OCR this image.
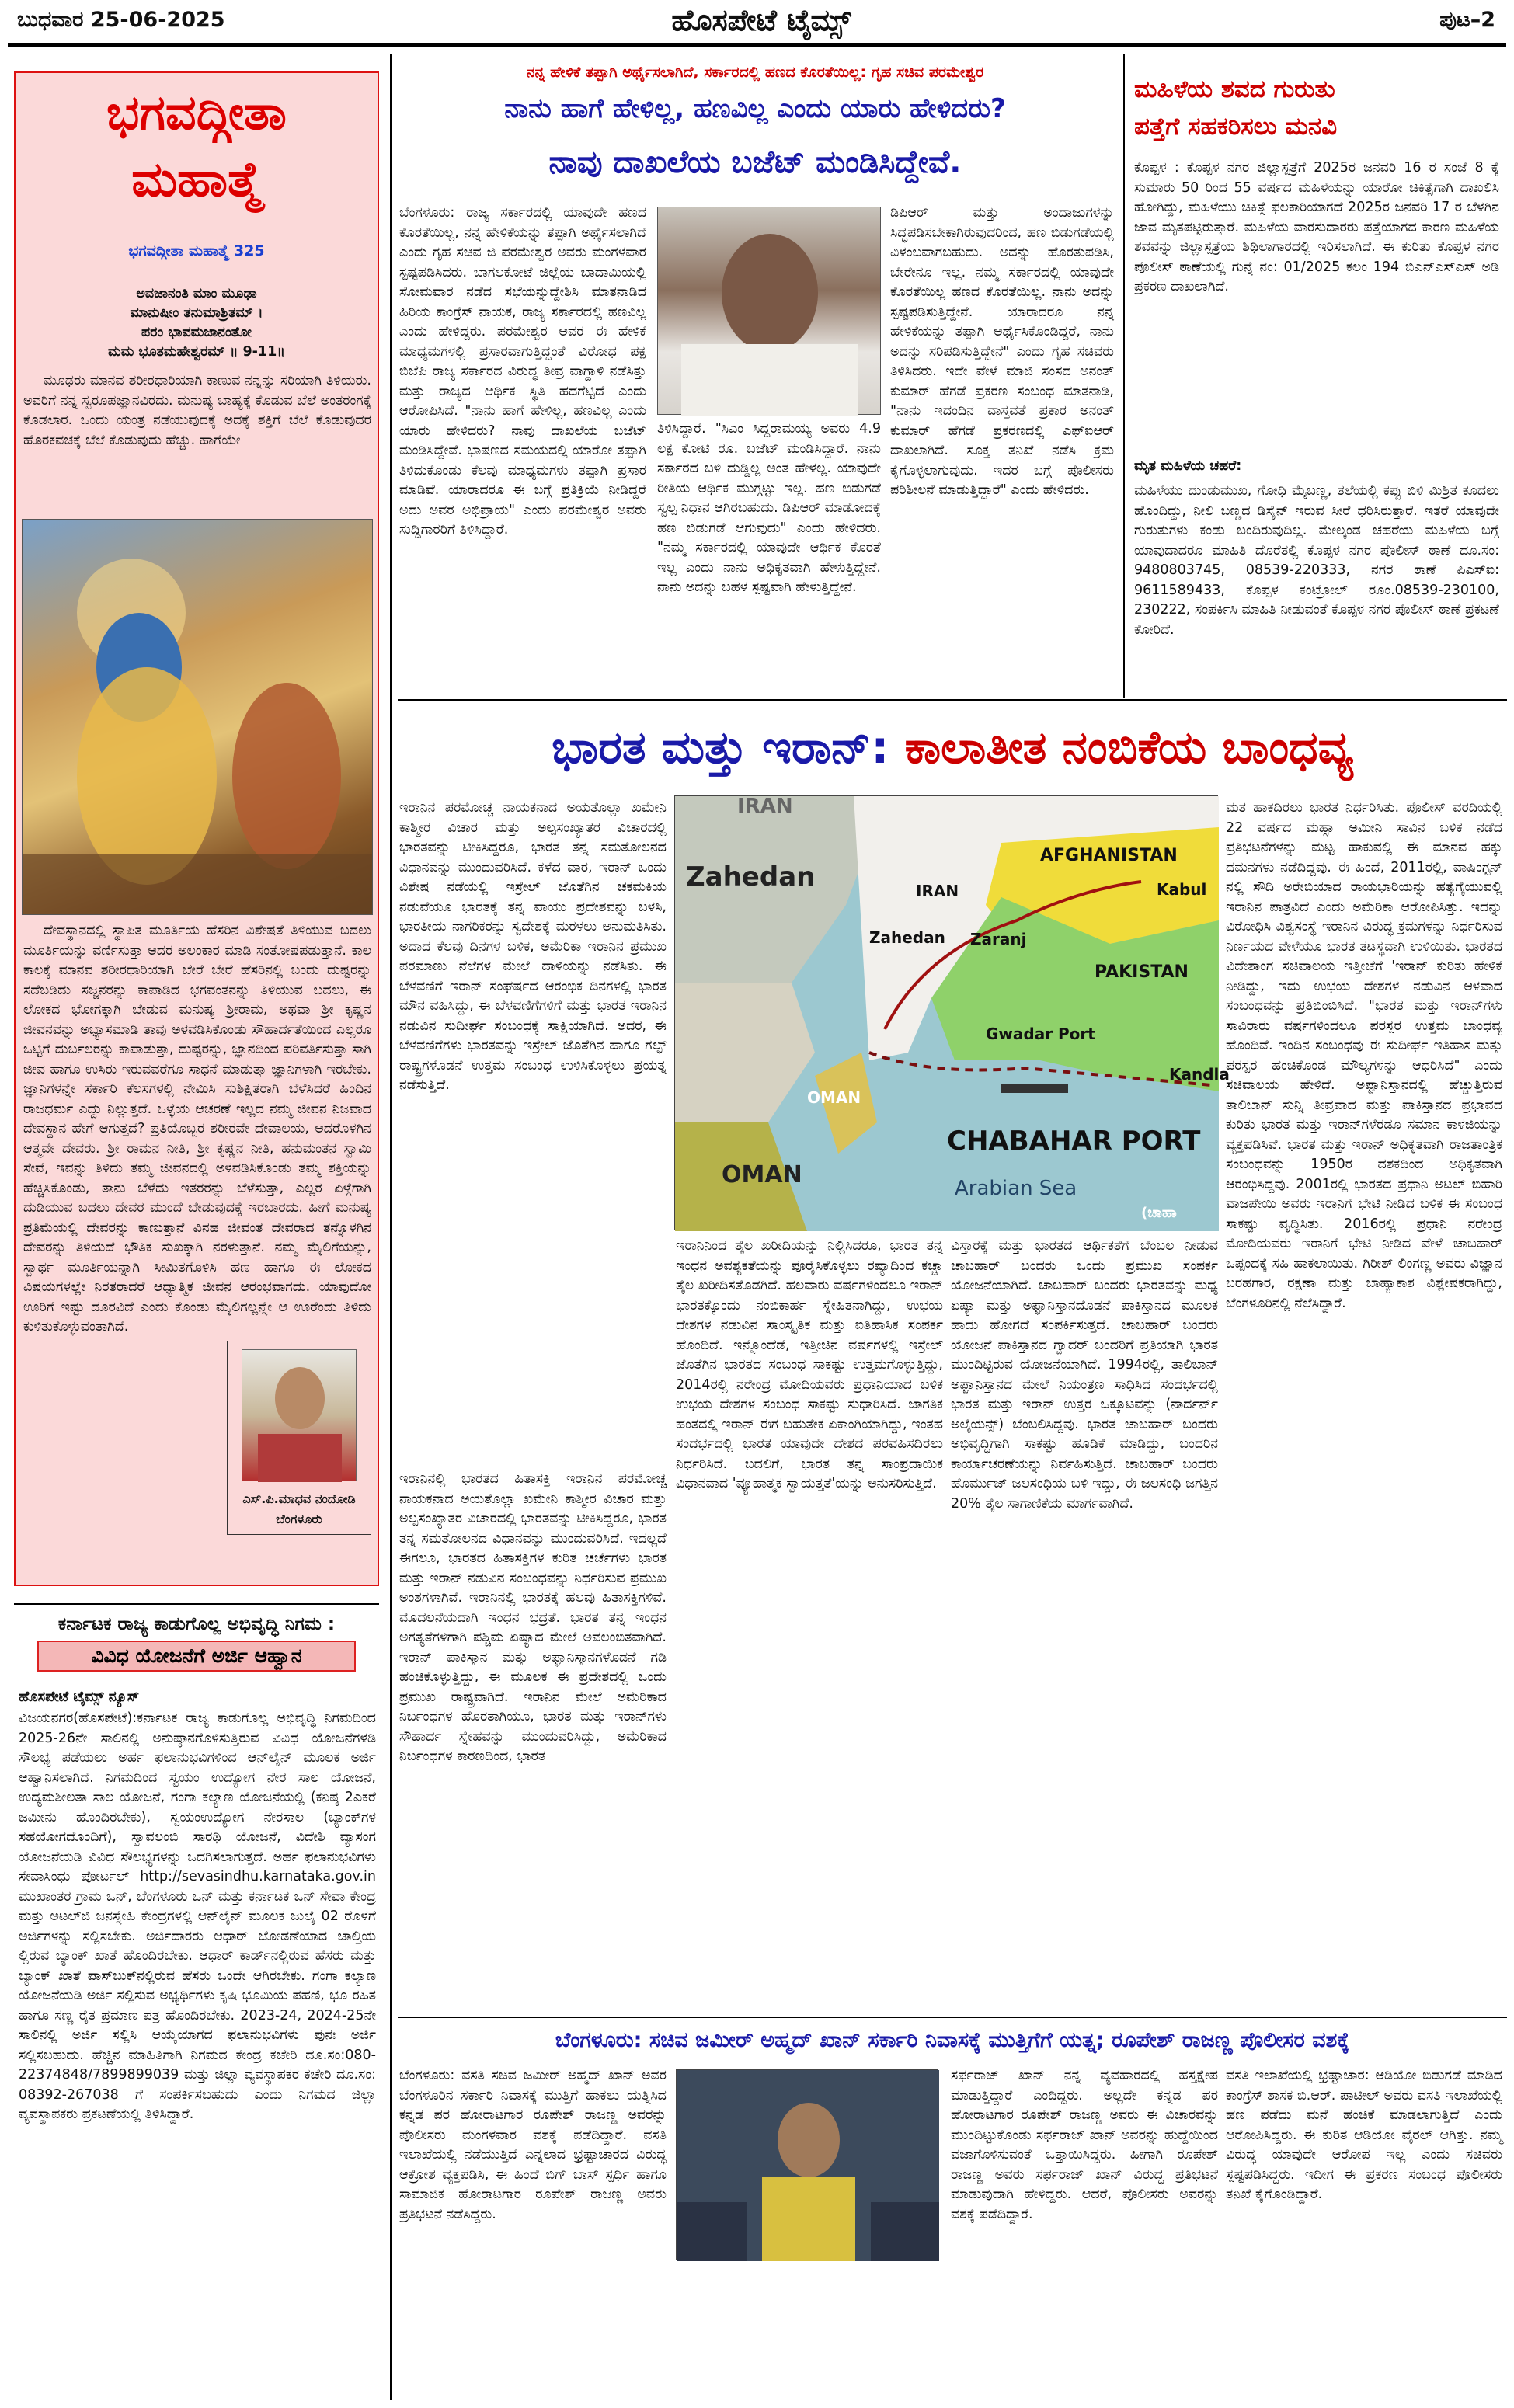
ಬುಧವಾರ 25-06-2025	ಹೊಸಪೇಟೆ ಟೈಮ್ಸ್	ಪುಟ–2
ಭಗವದ್ಗೀತಾ
ಮಹಾತ್ಮೆ
ಭಗವದ್ಗೀತಾ ಮಹಾತ್ಮೆ 325
ಅವಜಾನಂತಿ ಮಾಂ ಮೂಢಾ
ಮಾನುಷೀಂ ತನುಮಾಶ್ರಿತಮ್ ।
ಪರಂ ಭಾವಮಜಾನಂತೋ
ಮಮ ಭೂತಮಹೇಶ್ವರಮ್ ॥ 9-11॥
ಮೂಢರು ಮಾನವ ಶರೀರಧಾರಿಯಾಗಿ ಕಾಣುವ ನನ್ನನ್ನು ಸರಿಯಾಗಿ ತಿಳಿಯರು. ಅವರಿಗೆ ನನ್ನ ಸ್ವರೂಪಜ್ಞಾನವಿರದು. ಮನುಷ್ಯ ಬಾಹ್ಯಕ್ಕೆ ಕೊಡುವ ಬೆಲೆ ಅಂತರಂಗಕ್ಕೆ ಕೊಡಲಾರ. ಒಂದು ಯಂತ್ರ ನಡೆಯುವುದಕ್ಕೆ ಅದಕ್ಕೆ ಶಕ್ತಿಗೆ ಬೆಲೆ ಕೊಡುವುದರ ಹೊರಕವಚಕ್ಕೆ ಬೆಲೆ ಕೊಡುವುದು ಹೆಚ್ಚು. ಹಾಗೆಯೇ
ದೇವಸ್ಥಾನದಲ್ಲಿ ಸ್ಥಾಪಿತ ಮೂರ್ತಿಯ ಹೆಸರಿನ ವಿಶೇಷತೆ ತಿಳಿಯುವ ಬದಲು ಮೂರ್ತಿಯನ್ನು ವರ್ಣಿಸುತ್ತಾ ಅದರ ಅಲಂಕಾರ ಮಾಡಿ ಸಂತೋಷಪಡುತ್ತಾನೆ. ಕಾಲ ಕಾಲಕ್ಕೆ ಮಾನವ ಶರೀರಧಾರಿಯಾಗಿ ಬೇರೆ ಬೇರೆ ಹೆಸರಿನಲ್ಲಿ ಬಂದು ದುಷ್ಟರನ್ನು ಸದೆಬಡಿದು ಸಜ್ಜನರನ್ನು ಕಾಪಾಡಿದ ಭಗವಂತನನ್ನು ತಿಳಿಯುವ ಬದಲು, ಈ ಲೋಕದ ಭೋಗಕ್ಕಾಗಿ ಬೇಡುವ ಮನುಷ್ಯ ಶ್ರೀರಾಮ, ಅಥವಾ ಶ್ರೀ ಕೃಷ್ಣನ ಜೀವನವನ್ನು ಅಭ್ಯಾಸಮಾಡಿ ತಾವು ಅಳವಡಿಸಿಕೊಂಡು ಸೌಹಾರ್ದತೆಯಿಂದ ಎಲ್ಲರೂ ಒಟ್ಟಿಗೆ ದುರ್ಬಲರನ್ನು ಕಾಪಾಡುತ್ತಾ, ದುಷ್ಟರನ್ನು, ಜ್ಞಾನದಿಂದ ಪರಿವರ್ತಿಸುತ್ತಾ ಸಾಗಿ ಜೀವ ಹಾಗೂ ಉಸಿರು ಇರುವವರೆಗೂ ಸಾಧನೆ ಮಾಡುತ್ತಾ ಜ್ಞಾನಿಗಳಾಗಿ ಇರಬೇಕು. ಜ್ಞಾನಿಗಳನ್ನೇ ಸರ್ಕಾರಿ ಕೆಲಸಗಳಲ್ಲಿ ನೇಮಿಸಿ ಸುಶಿಕ್ಷಿತರಾಗಿ ಬೆಳೆಸಿದರೆ ಹಿಂದಿನ ರಾಜಧರ್ಮ ಎದ್ದು ನಿಲ್ಲುತ್ತದೆ. ಒಳ್ಳೆಯ ಆಚರಣೆ ಇಲ್ಲದ ನಮ್ಮ ಜೀವನ ನಿಜವಾದ ದೇವಸ್ಥಾನ ಹೇಗೆ ಆಗುತ್ತದೆ? ಪ್ರತಿಯೊಬ್ಬರ ಶರೀರವೇ ದೇವಾಲಯ, ಅದರೊಳಗಿನ ಆತ್ಮವೇ ದೇವರು. ಶ್ರೀ ರಾಮನ ನೀತಿ, ಶ್ರೀ ಕೃಷ್ಣನ ನೀತಿ, ಹನುಮಂತನ ಸ್ವಾಮಿ ಸೇವೆ, ಇವನ್ನು ತಿಳಿದು ತಮ್ಮ ಜೀವನದಲ್ಲಿ ಅಳವಡಿಸಿಕೊಂಡು ತಮ್ಮ ಶಕ್ತಿಯನ್ನು ಹೆಚ್ಚಿಸಿಕೊಂಡು, ತಾನು ಬೆಳೆದು ಇತರರನ್ನು ಬೆಳೆಸುತ್ತಾ, ಎಲ್ಲರ ಏಳ್ಗೆಗಾಗಿ ದುಡಿಯುವ ಬದಲು ದೇವರ ಮುಂದೆ ಬೇಡುವುದಕ್ಕೆ ಇರಬಾರದು. ಹೀಗೆ ಮನುಷ್ಯ ಪ್ರತಿಮೆಯಲ್ಲಿ ದೇವರನ್ನು ಕಾಣುತ್ತಾನೆ ವಿನಹ ಜೀವಂತ ದೇವರಾದ ತನ್ನೊಳಗಿನ ದೇವರನ್ನು ತಿಳಿಯದೆ ಭೌತಿಕ ಸುಖಕ್ಕಾಗಿ ನರಳುತ್ತಾನೆ. ನಮ್ಮ ಮೈಲಿಗೆಯನ್ನು, ಸ್ವಾರ್ಥ ಮೂರ್ತಿಯನ್ನಾಗಿ ಸೀಮಿತಗೊಳಿಸಿ ಹಣ ಹಾಗೂ ಈ ಲೋಕದ ವಿಷಯಗಳಲ್ಲೇ ನಿರತರಾದರೆ ಆಧ್ಯಾತ್ಮಿಕ ಜೀವನ ಆರಂಭವಾಗದು. ಯಾವುದೋ ಊರಿಗೆ ಇಷ್ಟು ದೂರವಿದೆ ಎಂದು ಕೊಂಡು ಮೈಲಿಗಲ್ಲನ್ನೇ ಆ ಊರೆಂದು ತಿಳಿದು ಕುಳಿತುಕೊಳ್ಳುವಂತಾಗಿದೆ.
ಎಸ್.ಪಿ.ಮಾಧವ ನಂದೋಡಿ
ಬೆಂಗಳೂರು
ಕರ್ನಾಟಕ ರಾಜ್ಯ ಕಾಡುಗೊಲ್ಲ ಅಭಿವೃದ್ಧಿ ನಿಗಮ :
ವಿವಿಧ ಯೋಜನೆಗೆ ಅರ್ಜಿ ಆಹ್ವಾನ
ಹೊಸಪೇಟೆ ಟೈಮ್ಸ್ ನ್ಯೂಸ್
ವಿಜಯನಗರ(ಹೊಸಪೇಟೆ):ಕರ್ನಾಟಕ ರಾಜ್ಯ ಕಾಡುಗೊಲ್ಲ ಅಭಿವೃದ್ಧಿ ನಿಗಮದಿಂದ 2025-26ನೇ ಸಾಲಿನಲ್ಲಿ ಅನುಷ್ಠಾನಗೊಳಿಸುತ್ತಿರುವ ವಿವಿಧ ಯೋಜನೆಗಳಡಿ ಸೌಲಭ್ಯ ಪಡೆಯಲು ಅರ್ಹ ಫಲಾನುಭವಿಗಳಿಂದ ಆನ್‌ಲೈನ್ ಮೂಲಕ ಅರ್ಜಿ ಆಹ್ವಾನಿಸಲಾಗಿದೆ. ನಿಗಮದಿಂದ ಸ್ವಯಂ ಉದ್ಯೋಗ ನೇರ ಸಾಲ ಯೋಜನೆ, ಉದ್ಯಮಶೀಲತಾ ಸಾಲ ಯೋಜನೆ, ಗಂಗಾ ಕಲ್ಯಾಣ ಯೋಜನೆಯಲ್ಲಿ (ಕನಿಷ್ಠ 2ಎಕರೆ ಜಮೀನು ಹೊಂದಿರಬೇಕು), ಸ್ವಯಂಉದ್ಯೋಗ ನೇರಸಾಲ (ಬ್ಯಾಂಕ್‌ಗಳ ಸಹಯೋಗದೊಂದಿಗೆ), ಸ್ವಾವಲಂಬಿ ಸಾರಥಿ ಯೋಜನೆ, ವಿದೇಶಿ ವ್ಯಾಸಂಗ ಯೋಜನೆಯಡಿ ವಿವಿಧ ಸೌಲಭ್ಯಗಳನ್ನು ಒದಗಿಸಲಾಗುತ್ತದೆ. ಅರ್ಹ ಫಲಾನುಭವಿಗಳು ಸೇವಾಸಿಂಧು ಪೋರ್ಟಲ್ http://sevasindhu.karnataka.gov.in ಮುಖಾಂತರ ಗ್ರಾಮ ಒನ್, ಬೆಂಗಳೂರು ಒನ್ ಮತ್ತು ಕರ್ನಾಟಕ ಒನ್ ಸೇವಾ ಕೇಂದ್ರ ಮತ್ತು ಅಟಲ್‌ಜಿ ಜನಸ್ನೇಹಿ ಕೇಂದ್ರಗಳಲ್ಲಿ ಆನ್‌ಲೈನ್ ಮೂಲಕ ಜುಲೈ 02 ರೊಳಗೆ ಅರ್ಜಿಗಳನ್ನು ಸಲ್ಲಿಸಬೇಕು. ಅರ್ಜಿದಾರರು ಆಧಾರ್ ಜೋಡಣೆಯಾದ ಚಾಲ್ತಿಯ ಲ್ಲಿರುವ ಬ್ಯಾಂಕ್ ಖಾತೆ ಹೊಂದಿರಬೇಕು. ಆಧಾರ್ ಕಾರ್ಡ್‌ನಲ್ಲಿರುವ ಹೆಸರು ಮತ್ತು ಬ್ಯಾಂಕ್ ಖಾತೆ ಪಾಸ್‌ಬುಕ್‌ನಲ್ಲಿರುವ ಹೆಸರು ಒಂದೇ ಆಗಿರಬೇಕು. ಗಂಗಾ ಕಲ್ಯಾಣ ಯೋಜನೆಯಡಿ ಅರ್ಜಿ ಸಲ್ಲಿಸುವ ಅಭ್ಯರ್ಥಿಗಳು ಕೃಷಿ ಭೂಮಿಯ ಪಹಣಿ, ಭೂ ರಹಿತ ಹಾಗೂ ಸಣ್ಣ ರೈತ ಪ್ರಮಾಣ ಪತ್ರ ಹೊಂದಿರಬೇಕು. 2023-24, 2024-25ನೇ ಸಾಲಿನಲ್ಲಿ ಅರ್ಜಿ ಸಲ್ಲಿಸಿ ಆಯ್ಕೆಯಾಗದ ಫಲಾನುಭವಿಗಳು ಪುನಃ ಅರ್ಜಿ ಸಲ್ಲಿಸಬಹುದು. ಹೆಚ್ಚಿನ ಮಾಹಿತಿಗಾಗಿ ನಿಗಮದ ಕೇಂದ್ರ ಕಚೇರಿ ದೂ.ಸಂ:080-22374848/7899899039 ಮತ್ತು ಜಿಲ್ಲಾ ವ್ಯವಸ್ಥಾಪಕರ ಕಚೇರಿ ದೂ.ಸಂ: 08392-267038 ಗೆ ಸಂಪರ್ಕಿಸಬಹುದು ಎಂದು ನಿಗಮದ ಜಿಲ್ಲಾ ವ್ಯವಸ್ಥಾಪಕರು ಪ್ರಕಟಣೆಯಲ್ಲಿ ತಿಳಿಸಿದ್ದಾರೆ.
ನನ್ನ ಹೇಳಿಕೆ ತಪ್ಪಾಗಿ ಅರ್ಥೈಸಲಾಗಿದೆ, ಸರ್ಕಾರದಲ್ಲಿ ಹಣದ ಕೊರತೆಯಿಲ್ಲ: ಗೃಹ ಸಚಿವ ಪರಮೇಶ್ವರ
ನಾನು ಹಾಗೆ ಹೇಳಿಲ್ಲ, ಹಣವಿಲ್ಲ ಎಂದು ಯಾರು ಹೇಳಿದರು?
ನಾವು ದಾಖಲೆಯ ಬಜೆಟ್ ಮಂಡಿಸಿದ್ದೇವೆ.
ಬೆಂಗಳೂರು: ರಾಜ್ಯ ಸರ್ಕಾರದಲ್ಲಿ ಯಾವುದೇ ಹಣದ ಕೊರತೆಯಿಲ್ಲ, ನನ್ನ ಹೇಳಿಕೆಯನ್ನು ತಪ್ಪಾಗಿ ಅರ್ಥೈಸಲಾಗಿದೆ ಎಂದು ಗೃಹ ಸಚಿವ ಜಿ ಪರಮೇಶ್ವರ ಅವರು ಮಂಗಳವಾರ ಸ್ಪಷ್ಟಪಡಿಸಿದರು. ಬಾಗಲಕೋಟೆ ಜಿಲ್ಲೆಯ ಬಾದಾಮಿಯಲ್ಲಿ ಸೋಮವಾರ ನಡೆದ ಸಭೆಯನ್ನುದ್ದೇಶಿಸಿ ಮಾತನಾಡಿದ ಹಿರಿಯ ಕಾಂಗ್ರೆಸ್ ನಾಯಕ, ರಾಜ್ಯ ಸರ್ಕಾರದಲ್ಲಿ ಹಣವಿಲ್ಲ ಎಂದು ಹೇಳಿದ್ದರು. ಪರಮೇಶ್ವರ ಅವರ ಈ ಹೇಳಿಕೆ ಮಾಧ್ಯಮಗಳಲ್ಲಿ ಪ್ರಸಾರವಾಗುತ್ತಿದ್ದಂತೆ ವಿರೋಧ ಪಕ್ಷ ಬಿಜೆಪಿ ರಾಜ್ಯ ಸರ್ಕಾರದ ವಿರುದ್ಧ ತೀವ್ರ ವಾಗ್ದಾಳಿ ನಡೆಸಿತ್ತು ಮತ್ತು ರಾಜ್ಯದ ಆರ್ಥಿಕ ಸ್ಥಿತಿ ಹದಗೆಟ್ಟಿದೆ ಎಂದು ಆರೋಪಿಸಿದೆ. "ನಾನು ಹಾಗೆ ಹೇಳಿಲ್ಲ, ಹಣವಿಲ್ಲ ಎಂದು ಯಾರು ಹೇಳಿದರು? ನಾವು ದಾಖಲೆಯ ಬಜೆಟ್ ಮಂಡಿಸಿದ್ದೇವೆ. ಭಾಷಣದ ಸಮಯದಲ್ಲಿ ಯಾರೋ ತಪ್ಪಾಗಿ ತಿಳಿದುಕೊಂಡು ಕೆಲವು ಮಾಧ್ಯಮಗಳು ತಪ್ಪಾಗಿ ಪ್ರಸಾರ ಮಾಡಿವೆ. ಯಾರಾದರೂ ಈ ಬಗ್ಗೆ ಪ್ರತಿಕ್ರಿಯೆ ನೀಡಿದ್ದರೆ ಅದು ಅವರ ಅಭಿಪ್ರಾಯ" ಎಂದು ಪರಮೇಶ್ವರ ಅವರು ಸುದ್ದಿಗಾರರಿಗೆ ತಿಳಿಸಿದ್ದಾರೆ.
ತಿಳಿಸಿದ್ದಾರೆ. "ಸಿಎಂ ಸಿದ್ದರಾಮಯ್ಯ ಅವರು 4.9 ಲಕ್ಷ ಕೋಟಿ ರೂ. ಬಜೆಟ್ ಮಂಡಿಸಿದ್ದಾರೆ. ನಾನು ಸರ್ಕಾರದ ಬಳಿ ದುಡ್ಡಿಲ್ಲ ಅಂತ ಹೇಳಲ್ಲ. ಯಾವುದೇ ರೀತಿಯ ಆರ್ಥಿಕ ಮುಗ್ಗಟ್ಟು ಇಲ್ಲ. ಹಣ ಬಿಡುಗಡೆ ಸ್ವಲ್ಪ ನಿಧಾನ ಆಗಿರಬಹುದು. ಡಿಪಿಆರ್ ಮಾಡೋದಕ್ಕೆ ಹಣ ಬಿಡುಗಡೆ ಆಗುವುದು" ಎಂದು ಹೇಳಿದರು. "ನಮ್ಮ ಸರ್ಕಾರದಲ್ಲಿ ಯಾವುದೇ ಆರ್ಥಿಕ ಕೊರತೆ ಇಲ್ಲ ಎಂದು ನಾನು ಅಧಿಕೃತವಾಗಿ ಹೇಳುತ್ತಿದ್ದೇನೆ. ನಾನು ಅದನ್ನು ಬಹಳ ಸ್ಪಷ್ಟವಾಗಿ ಹೇಳುತ್ತಿದ್ದೇನೆ.
ಡಿಪಿಆರ್ ಮತ್ತು ಅಂದಾಜುಗಳನ್ನು ಸಿದ್ಧಪಡಿಸಬೇಕಾಗಿರುವುದರಿಂದ, ಹಣ ಬಿಡುಗಡೆಯಲ್ಲಿ ವಿಳಂಬವಾಗಬಹುದು. ಅದನ್ನು ಹೊರತುಪಡಿಸಿ, ಬೇರೇನೂ ಇಲ್ಲ. ನಮ್ಮ ಸರ್ಕಾರದಲ್ಲಿ ಯಾವುದೇ ಕೊರತೆಯಿಲ್ಲ ಹಣದ ಕೊರತೆಯಿಲ್ಲ. ನಾನು ಅದನ್ನು ಸ್ಪಷ್ಟಪಡಿಸುತ್ತಿದ್ದೇನೆ. ಯಾರಾದರೂ ನನ್ನ ಹೇಳಿಕೆಯನ್ನು ತಪ್ಪಾಗಿ ಅರ್ಥೈಸಿಕೊಂಡಿದ್ದರೆ, ನಾನು ಅದನ್ನು ಸರಿಪಡಿಸುತ್ತಿದ್ದೇನೆ" ಎಂದು ಗೃಹ ಸಚಿವರು ತಿಳಿಸಿದರು. ಇದೇ ವೇಳೆ ಮಾಜಿ ಸಂಸದ ಅನಂತ್ ಕುಮಾರ್ ಹೆಗಡೆ ಪ್ರಕರಣ ಸಂಬಂಧ ಮಾತನಾಡಿ, "ನಾನು ಇದಂದಿನ ವಾಸ್ತವತೆ ಪ್ರಕಾರ ಅನಂತ್ ಕುಮಾರ್ ಹೆಗಡೆ ಪ್ರಕರಣದಲ್ಲಿ ಎಫ್‌ಐಆರ್ ದಾಖಲಾಗಿದೆ. ಸೂಕ್ತ ತನಿಖೆ ನಡೆಸಿ ಕ್ರಮ ಕೈಗೊಳ್ಳಲಾಗುವುದು. ಇದರ ಬಗ್ಗೆ ಪೊಲೀಸರು ಪರಿಶೀಲನೆ ಮಾಡುತ್ತಿದ್ದಾರೆ" ಎಂದು ಹೇಳಿದರು.
ಮಹಿಳೆಯ ಶವದ ಗುರುತು
ಪತ್ತೆಗೆ ಸಹಕರಿಸಲು ಮನವಿ
ಕೊಪ್ಪಳ : ಕೊಪ್ಪಳ ನಗರ ಜಿಲ್ಲಾಸ್ಪತ್ರೆಗೆ 2025ರ ಜನವರಿ 16 ರ ಸಂಜೆ 8 ಕ್ಕೆ ಸುಮಾರು 50 ರಿಂದ 55 ವರ್ಷದ ಮಹಿಳೆಯನ್ನು ಯಾರೋ ಚಿಕಿತ್ಸೆಗಾಗಿ ದಾಖಲಿಸಿ ಹೋಗಿದ್ದು, ಮಹಿಳೆಯು ಚಿಕಿತ್ಸೆ ಫಲಕಾರಿಯಾಗದೆ 2025ರ ಜನವರಿ 17 ರ ಬೆಳಗಿನ ಜಾವ ಮೃತಪಟ್ಟಿರುತ್ತಾರೆ. ಮಹಿಳೆಯ ವಾರಸುದಾರರು ಪತ್ತೆಯಾಗದ ಕಾರಣ ಮಹಿಳೆಯ ಶವವನ್ನು ಜಿಲ್ಲಾಸ್ಪತ್ರೆಯ ಶಿಥಿಲಾಗಾರದಲ್ಲಿ ಇರಿಸಲಾಗಿದೆ. ಈ ಕುರಿತು ಕೊಪ್ಪಳ ನಗರ ಪೊಲೀಸ್ ಠಾಣೆಯಲ್ಲಿ ಗುನ್ನೆ ನಂ: 01/2025 ಕಲಂ 194 ಬಿಎನ್‌ಎಸ್‌ಎಸ್ ಅಡಿ ಪ್ರಕರಣ ದಾಖಲಾಗಿದೆ.
ಮೃತ ಮಹಿಳೆಯ ಚಹರೆ:
ಮಹಿಳೆಯು ದುಂಡುಮುಖ, ಗೋಧಿ ಮೈಬಣ್ಣ, ತಲೆಯಲ್ಲಿ ಕಪ್ಪು ಬಿಳಿ ಮಿಶ್ರಿತ ಕೂದಲು ಹೊಂದಿದ್ದು, ನೀಲಿ ಬಣ್ಣದ ಡಿಸೈನ್ ಇರುವ ಸೀರೆ ಧರಿಸಿರುತ್ತಾರೆ. ಇತರೆ ಯಾವುದೇ ಗುರುತುಗಳು ಕಂಡು ಬಂದಿರುವುದಿಲ್ಲ. ಮೇಲ್ಕಂಡ ಚಹರೆಯ ಮಹಿಳೆಯ ಬಗ್ಗೆ ಯಾವುದಾದರೂ ಮಾಹಿತಿ ದೊರೆತಲ್ಲಿ ಕೊಪ್ಪಳ ನಗರ ಪೊಲೀಸ್ ಠಾಣೆ ದೂ.ಸಂ: 9480803745, 08539-220333, ನಗರ ಠಾಣೆ ಪಿಎಸ್‌ಐ: 9611589433, ಕೊಪ್ಪಳ ಕಂಟ್ರೋಲ್ ರೂಂ.08539-230100, 230222, ಸಂಪರ್ಕಿಸಿ ಮಾಹಿತಿ ನೀಡುವಂತೆ ಕೊಪ್ಪಳ ನಗರ ಪೊಲೀಸ್ ಠಾಣೆ ಪ್ರಕಟಣೆ ಕೋರಿದೆ.
ಭಾರತ ಮತ್ತು ಇರಾನ್: ಕಾಲಾತೀತ ನಂಬಿಕೆಯ ಬಾಂಧವ್ಯ
IRAN
Zahedan
OMAN
AFGHANISTAN
Kabul
IRAN
Zahedan Zaranj
PAKISTAN
Gwadar Port
OMAN
Kandla
CHABAHAR PORT
Arabian Sea
(ಚಾಹಾ
ಇರಾನಿನ ಪರಮೋಚ್ಚ ನಾಯಕನಾದ ಅಯತೊಲ್ಲಾ ಖಮೇನಿ ಕಾಶ್ಮೀರ ವಿಚಾರ ಮತ್ತು ಅಲ್ಪಸಂಖ್ಯಾತರ ವಿಚಾರದಲ್ಲಿ ಭಾರತವನ್ನು ಟೀಕಿಸಿದ್ದರೂ, ಭಾರತ ತನ್ನ ಸಮತೋಲನದ ವಿಧಾನವನ್ನು ಮುಂದುವರಿಸಿದೆ. ಕಳೆದ ವಾರ, ಇರಾನ್ ಒಂದು ವಿಶೇಷ ನಡೆಯಲ್ಲಿ ಇಸ್ರೇಲ್ ಜೊತೆಗಿನ ಚಕಮಕಿಯ ನಡುವೆಯೂ ಭಾರತಕ್ಕೆ ತನ್ನ ವಾಯು ಪ್ರದೇಶವನ್ನು ಬಳಸಿ, ಭಾರತೀಯ ನಾಗರಿಕರನ್ನು ಸ್ವದೇಶಕ್ಕೆ ಮರಳಲು ಅನುಮತಿಸಿತು. ಅದಾದ ಕೆಲವು ದಿನಗಳ ಬಳಿಕ, ಅಮೆರಿಕಾ ಇರಾನಿನ ಪ್ರಮುಖ ಪರಮಾಣು ನೆಲೆಗಳ ಮೇಲೆ ದಾಳಿಯನ್ನು ನಡೆಸಿತು. ಈ ಬೆಳವಣಿಗೆ ಇರಾನ್ ಸಂಘರ್ಷದ ಆರಂಭಿಕ ದಿನಗಳಲ್ಲಿ ಭಾರತ ಮೌನ ವಹಿಸಿದ್ದು, ಈ ಬೆಳವಣಿಗೆಗಳಿಗೆ ಮತ್ತು ಭಾರತ ಇರಾನಿನ ನಡುವಿನ ಸುದೀರ್ಘ ಸಂಬಂಧಕ್ಕೆ ಸಾಕ್ಷಿಯಾಗಿದೆ. ಅದರ, ಈ ಬೆಳವಣಿಗೆಗಳು ಭಾರತವನ್ನು ಇಸ್ರೇಲ್ ಜೊತೆಗಿನ ಹಾಗೂ ಗಲ್ಫ್ ರಾಷ್ಟ್ರಗಳೊಡನೆ ಉತ್ತಮ ಸಂಬಂಧ ಉಳಿಸಿಕೊಳ್ಳಲು ಪ್ರಯತ್ನ ನಡೆಸುತ್ತಿದೆ.
ಇರಾನಿನಲ್ಲಿ ಭಾರತದ ಹಿತಾಸಕ್ತಿ ಇರಾನಿನ ಪರಮೋಚ್ಚ ನಾಯಕನಾದ ಅಯತೊಲ್ಲಾ ಖಮೇನಿ ಕಾಶ್ಮೀರ ವಿಚಾರ ಮತ್ತು ಅಲ್ಪಸಂಖ್ಯಾತರ ವಿಚಾರದಲ್ಲಿ ಭಾರತವನ್ನು ಟೀಕಿಸಿದ್ದರೂ, ಭಾರತ ತನ್ನ ಸಮತೋಲನದ ವಿಧಾನವನ್ನು ಮುಂದುವರಿಸಿದೆ. ಇದಲ್ಲದೆ ಈಗಲೂ, ಭಾರತದ ಹಿತಾಸಕ್ತಿಗಳ ಕುರಿತ ಚರ್ಚೆಗಳು ಭಾರತ ಮತ್ತು ಇರಾನ್ ನಡುವಿನ ಸಂಬಂಧವನ್ನು ನಿರ್ಧರಿಸುವ ಪ್ರಮುಖ ಅಂಶಗಳಾಗಿವೆ. ಇರಾನಿನಲ್ಲಿ ಭಾರತಕ್ಕೆ ಹಲವು ಹಿತಾಸಕ್ತಿಗಳಿವೆ. ಮೊದಲನೆಯದಾಗಿ ಇಂಧನ ಭದ್ರತೆ. ಭಾರತ ತನ್ನ ಇಂಧನ ಅಗತ್ಯತೆಗಳಿಗಾಗಿ ಪಶ್ಚಿಮ ಏಷ್ಯಾದ ಮೇಲೆ ಅವಲಂಬಿತವಾಗಿದೆ. ಇರಾನ್ ಪಾಕಿಸ್ತಾನ ಮತ್ತು ಅಫ್ಘಾನಿಸ್ತಾನಗಳೊಡನೆ ಗಡಿ ಹಂಚಿಕೊಳ್ಳುತ್ತಿದ್ದು, ಈ ಮೂಲಕ ಈ ಪ್ರದೇಶದಲ್ಲಿ ಒಂದು ಪ್ರಮುಖ ರಾಷ್ಟ್ರವಾಗಿದೆ. ಇರಾನಿನ ಮೇಲೆ ಅಮೆರಿಕಾದ ನಿರ್ಬಂಧಗಳ ಹೊರತಾಗಿಯೂ, ಭಾರತ ಮತ್ತು ಇರಾನ್‌ಗಳು ಸೌಹಾರ್ದ ಸ್ನೇಹವನ್ನು ಮುಂದುವರಿಸಿದ್ದು, ಅಮೆರಿಕಾದ ನಿರ್ಬಂಧಗಳ ಕಾರಣದಿಂದ, ಭಾರತ
ಇರಾನಿನಿಂದ ತೈಲ ಖರೀದಿಯನ್ನು ನಿಲ್ಲಿಸಿದರೂ, ಭಾರತ ತನ್ನ ಇಂಧನ ಅವಶ್ಯಕತೆಯನ್ನು ಪೂರೈಸಿಕೊಳ್ಳಲು ರಷ್ಯಾದಿಂದ ಕಚ್ಚಾ ತೈಲ ಖರೀದಿಸತೊಡಗಿದೆ. ಹಲವಾರು ವರ್ಷಗಳಿಂದಲೂ ಇರಾನ್ ಭಾರತಕ್ಕೊಂದು ನಂಬಿಕಾರ್ಹ ಸ್ನೇಹಿತನಾಗಿದ್ದು, ಉಭಯ ದೇಶಗಳ ನಡುವಿನ ಸಾಂಸ್ಕೃತಿಕ ಮತ್ತು ಐತಿಹಾಸಿಕ ಸಂಪರ್ಕ ಹೊಂದಿದೆ. ಇನ್ನೊಂದೆಡೆ, ಇತ್ತೀಚಿನ ವರ್ಷಗಳಲ್ಲಿ ಇಸ್ರೇಲ್ ಜೊತೆಗಿನ ಭಾರತದ ಸಂಬಂಧ ಸಾಕಷ್ಟು ಉತ್ತಮಗೊಳ್ಳುತ್ತಿದ್ದು, 2014ರಲ್ಲಿ ನರೇಂದ್ರ ಮೋದಿಯವರು ಪ್ರಧಾನಿಯಾದ ಬಳಿಕ ಉಭಯ ದೇಶಗಳ ಸಂಬಂಧ ಸಾಕಷ್ಟು ಸುಧಾರಿಸಿದೆ. ಜಾಗತಿಕ ಹಂತದಲ್ಲಿ ಇರಾನ್ ಈಗ ಬಹುತೇಕ ಏಕಾಂಗಿಯಾಗಿದ್ದು, ಇಂತಹ ಸಂದರ್ಭದಲ್ಲಿ ಭಾರತ ಯಾವುದೇ ದೇಶದ ಪರವಹಿಸದಿರಲು ನಿರ್ಧರಿಸಿದೆ. ಬದಲಿಗೆ, ಭಾರತ ತನ್ನ ಸಾಂಪ್ರದಾಯಿಕ ವಿಧಾನವಾದ 'ವ್ಯೂಹಾತ್ಮಕ ಸ್ವಾಯತ್ತತೆ'ಯನ್ನು ಅನುಸರಿಸುತ್ತಿದೆ.
ವಿಸ್ತಾರಕ್ಕೆ ಮತ್ತು ಭಾರತದ ಆರ್ಥಿಕತೆಗೆ ಬೆಂಬಲ ನೀಡುವ ಚಾಬಹಾರ್ ಬಂದರು ಒಂದು ಪ್ರಮುಖ ಸಂಪರ್ಕ ಯೋಜನೆಯಾಗಿದೆ. ಚಾಬಹಾರ್ ಬಂದರು ಭಾರತವನ್ನು ಮಧ್ಯ ಏಷ್ಯಾ ಮತ್ತು ಅಫ್ಘಾನಿಸ್ತಾನದೊಡನೆ ಪಾಕಿಸ್ತಾನದ ಮೂಲಕ ಹಾದು ಹೋಗದೆ ಸಂಪರ್ಕಿಸುತ್ತದೆ. ಚಾಬಹಾರ್ ಬಂದರು ಯೋಜನೆ ಪಾಕಿಸ್ತಾನದ ಗ್ವಾದರ್ ಬಂದರಿಗೆ ಪ್ರತಿಯಾಗಿ ಭಾರತ ಮುಂದಿಟ್ಟಿರುವ ಯೋಜನೆಯಾಗಿದೆ. 1994ರಲ್ಲಿ, ತಾಲಿಬಾನ್ ಅಫ್ಘಾನಿಸ್ತಾನದ ಮೇಲೆ ನಿಯಂತ್ರಣ ಸಾಧಿಸಿದ ಸಂದರ್ಭದಲ್ಲಿ ಭಾರತ ಮತ್ತು ಇರಾನ್ ಉತ್ತರ ಒಕ್ಕೂಟವನ್ನು (ನಾರ್ದರ್ನ್ ಅಲೈಯನ್ಸ್) ಬೆಂಬಲಿಸಿದ್ದವು. ಭಾರತ ಚಾಬಹಾರ್ ಬಂದರು ಅಭಿವೃದ್ಧಿಗಾಗಿ ಸಾಕಷ್ಟು ಹೂಡಿಕೆ ಮಾಡಿದ್ದು, ಬಂದರಿನ ಕಾರ್ಯಾಚರಣೆಯನ್ನು ನಿರ್ವಹಿಸುತ್ತಿದೆ. ಚಾಬಹಾರ್ ಬಂದರು ಹೊರ್ಮುಜ್ ಜಲಸಂಧಿಯ ಬಳಿ ಇದ್ದು, ಈ ಜಲಸಂಧಿ ಜಗತ್ತಿನ 20% ತೈಲ ಸಾಗಾಣಿಕೆಯ ಮಾರ್ಗವಾಗಿದೆ.
ಮತ ಹಾಕದಿರಲು ಭಾರತ ನಿರ್ಧರಿಸಿತು. ಪೊಲೀಸ್ ವರದಿಯಲ್ಲಿ 22 ವರ್ಷದ ಮಹ್ಸಾ ಅಮೀನಿ ಸಾವಿನ ಬಳಿಕ ನಡೆದ ಪ್ರತಿಭಟನೆಗಳನ್ನು ಮಟ್ಟ ಹಾಕುವಲ್ಲಿ ಈ ಮಾನವ ಹಕ್ಕು ದಮನಗಳು ನಡೆದಿದ್ದವು. ಈ ಹಿಂದೆ, 2011ರಲ್ಲಿ, ವಾಷಿಂಗ್ಟನ್ ನಲ್ಲಿ ಸೌದಿ ಅರೇಬಿಯಾದ ರಾಯಭಾರಿಯನ್ನು ಹತ್ಯೆಗೈಯುವಲ್ಲಿ ಇರಾನಿನ ಪಾತ್ರವಿದೆ ಎಂದು ಅಮೆರಿಕಾ ಆರೋಪಿಸಿತ್ತು. ಇದನ್ನು ವಿರೋಧಿಸಿ ವಿಶ್ವಸಂಸ್ಥೆ ಇರಾನಿನ ವಿರುದ್ಧ ಕ್ರಮಗಳನ್ನು ನಿರ್ಧರಿಸುವ ನಿರ್ಣಯದ ವೇಳೆಯೂ ಭಾರತ ತಟಸ್ಥವಾಗಿ ಉಳಿಯಿತು. ಭಾರತದ ವಿದೇಶಾಂಗ ಸಚಿವಾಲಯ ಇತ್ತೀಚೆಗೆ 'ಇರಾನ್ ಕುರಿತು ಹೇಳಿಕೆ ನೀಡಿದ್ದು, ಇದು ಉಭಯ ದೇಶಗಳ ನಡುವಿನ ಆಳವಾದ ಸಂಬಂಧವನ್ನು ಪ್ರತಿಬಿಂಬಿಸಿದೆ. "ಭಾರತ ಮತ್ತು ಇರಾನ್‌ಗಳು ಸಾವಿರಾರು ವರ್ಷಗಳಿಂದಲೂ ಪರಸ್ಪರ ಉತ್ತಮ ಬಾಂಧವ್ಯ ಹೊಂದಿವೆ. ಇಂದಿನ ಸಂಬಂಧವು ಈ ಸುದೀರ್ಘ ಇತಿಹಾಸ ಮತ್ತು ಪರಸ್ಪರ ಹಂಚಿಕೊಂಡ ಮೌಲ್ಯಗಳನ್ನು ಆಧರಿಸಿದೆ" ಎಂದು ಸಚಿವಾಲಯ ಹೇಳಿದೆ. ಅಫ್ಘಾನಿಸ್ತಾನದಲ್ಲಿ ಹೆಚ್ಚುತ್ತಿರುವ ತಾಲಿಬಾನ್ ಸುನ್ನಿ ತೀವ್ರವಾದ ಮತ್ತು ಪಾಕಿಸ್ತಾನದ ಪ್ರಭಾವದ ಕುರಿತು ಭಾರತ ಮತ್ತು ಇರಾನ್‌ಗಳೆರಡೂ ಸಮಾನ ಕಾಳಜಿಯನ್ನು ವ್ಯಕ್ತಪಡಿಸಿವೆ. ಭಾರತ ಮತ್ತು ಇರಾನ್ ಅಧಿಕೃತವಾಗಿ ರಾಜತಾಂತ್ರಿಕ ಸಂಬಂಧವನ್ನು 1950ರ ದಶಕದಿಂದ ಅಧಿಕೃತವಾಗಿ ಆರಂಭಿಸಿದ್ದವು. 2001ರಲ್ಲಿ ಭಾರತದ ಪ್ರಧಾನಿ ಅಟಲ್ ಬಿಹಾರಿ ವಾಜಪೇಯಿ ಅವರು ಇರಾನಿಗೆ ಭೇಟಿ ನೀಡಿದ ಬಳಿಕ ಈ ಸಂಬಂಧ ಸಾಕಷ್ಟು ವೃದ್ಧಿಸಿತು. 2016ರಲ್ಲಿ ಪ್ರಧಾನಿ ನರೇಂದ್ರ ಮೋದಿಯವರು ಇರಾನಿಗೆ ಭೇಟಿ ನೀಡಿದ ವೇಳೆ ಚಾಬಹಾರ್ ಒಪ್ಪಂದಕ್ಕೆ ಸಹಿ ಹಾಕಲಾಯಿತು. ಗಿರೀಶ್ ಲಿಂಗಣ್ಣ ಅವರು ವಿಜ್ಞಾನ ಬರಹಗಾರ, ರಕ್ಷಣಾ ಮತ್ತು ಬಾಹ್ಯಾಕಾಶ ವಿಶ್ಲೇಷಕರಾಗಿದ್ದು, ಬೆಂಗಳೂರಿನಲ್ಲಿ ನೆಲೆಸಿದ್ದಾರೆ.
ಬೆಂಗಳೂರು: ಸಚಿವ ಜಮೀರ್ ಅಹ್ಮದ್ ಖಾನ್ ಸರ್ಕಾರಿ ನಿವಾಸಕ್ಕೆ ಮುತ್ತಿಗೆಗೆ ಯತ್ನ; ರೂಪೇಶ್ ರಾಜಣ್ಣ ಪೊಲೀಸರ ವಶಕ್ಕೆ
ಬೆಂಗಳೂರು: ವಸತಿ ಸಚಿವ ಜಮೀರ್ ಅಹ್ಮದ್ ಖಾನ್ ಅವರ ಬೆಂಗಳೂರಿನ ಸರ್ಕಾರಿ ನಿವಾಸಕ್ಕೆ ಮುತ್ತಿಗೆ ಹಾಕಲು ಯತ್ನಿಸಿದ ಕನ್ನಡ ಪರ ಹೋರಾಟಗಾರ ರೂಪೇಶ್ ರಾಜಣ್ಣ ಅವರನ್ನು ಪೊಲೀಸರು ಮಂಗಳವಾರ ವಶಕ್ಕೆ ಪಡೆದಿದ್ದಾರೆ. ವಸತಿ ಇಲಾಖೆಯಲ್ಲಿ ನಡೆಯುತ್ತಿದೆ ಎನ್ನಲಾದ ಭ್ರಷ್ಟಾಚಾರದ ವಿರುದ್ಧ ಆಕ್ರೋಶ ವ್ಯಕ್ತಪಡಿಸಿ, ಈ ಹಿಂದೆ ಬಿಗ್ ಬಾಸ್ ಸ್ಪರ್ಧಿ ಹಾಗೂ ಸಾಮಾಜಿಕ ಹೋರಾಟಗಾರ ರೂಪೇಶ್ ರಾಜಣ್ಣ ಅವರು ಪ್ರತಿಭಟನೆ ನಡೆಸಿದ್ದರು.
ಸರ್ಫರಾಜ್ ಖಾನ್ ನನ್ನ ವ್ಯವಹಾರದಲ್ಲಿ ಹಸ್ತಕ್ಷೇಪ ಮಾಡುತ್ತಿದ್ದಾರೆ ಎಂದಿದ್ದರು. ಅಲ್ಲದೇ ಕನ್ನಡ ಪರ ಹೋರಾಟಗಾರ ರೂಪೇಶ್ ರಾಜಣ್ಣ ಅವರು ಈ ವಿಚಾರವನ್ನು ಮುಂದಿಟ್ಟುಕೊಂಡು ಸರ್ಫರಾಜ್ ಖಾನ್ ಅವರನ್ನು ಹುದ್ದೆಯಿಂದ ವಜಾಗೊಳಿಸುವಂತೆ ಒತ್ತಾಯಿಸಿದ್ದರು. ಹೀಗಾಗಿ ರೂಪೇಶ್ ರಾಜಣ್ಣ ಅವರು ಸರ್ಫರಾಜ್ ಖಾನ್ ವಿರುದ್ಧ ಪ್ರತಿಭಟನೆ ಮಾಡುವುದಾಗಿ ಹೇಳಿದ್ದರು. ಆದರೆ, ಪೊಲೀಸರು ಅವರನ್ನು ವಶಕ್ಕೆ ಪಡೆದಿದ್ದಾರೆ.
ವಸತಿ ಇಲಾಖೆಯಲ್ಲಿ ಭ್ರಷ್ಟಾಚಾರ: ಆಡಿಯೋ ಬಿಡುಗಡೆ ಮಾಡಿದ ಕಾಂಗ್ರೆಸ್ ಶಾಸಕ ಬಿ.ಆರ್. ಪಾಟೀಲ್ ಅವರು ವಸತಿ ಇಲಾಖೆಯಲ್ಲಿ ಹಣ ಪಡೆದು ಮನೆ ಹಂಚಿಕೆ ಮಾಡಲಾಗುತ್ತಿದೆ ಎಂದು ಆರೋಪಿಸಿದ್ದರು. ಈ ಕುರಿತ ಆಡಿಯೋ ವೈರಲ್ ಆಗಿತ್ತು. ನಮ್ಮ ವಿರುದ್ಧ ಯಾವುದೇ ಆರೋಪ ಇಲ್ಲ ಎಂದು ಸಚಿವರು ಸ್ಪಷ್ಟಪಡಿಸಿದ್ದರು. ಇದೀಗ ಈ ಪ್ರಕರಣ ಸಂಬಂಧ ಪೊಲೀಸರು ತನಿಖೆ ಕೈಗೊಂಡಿದ್ದಾರೆ.
